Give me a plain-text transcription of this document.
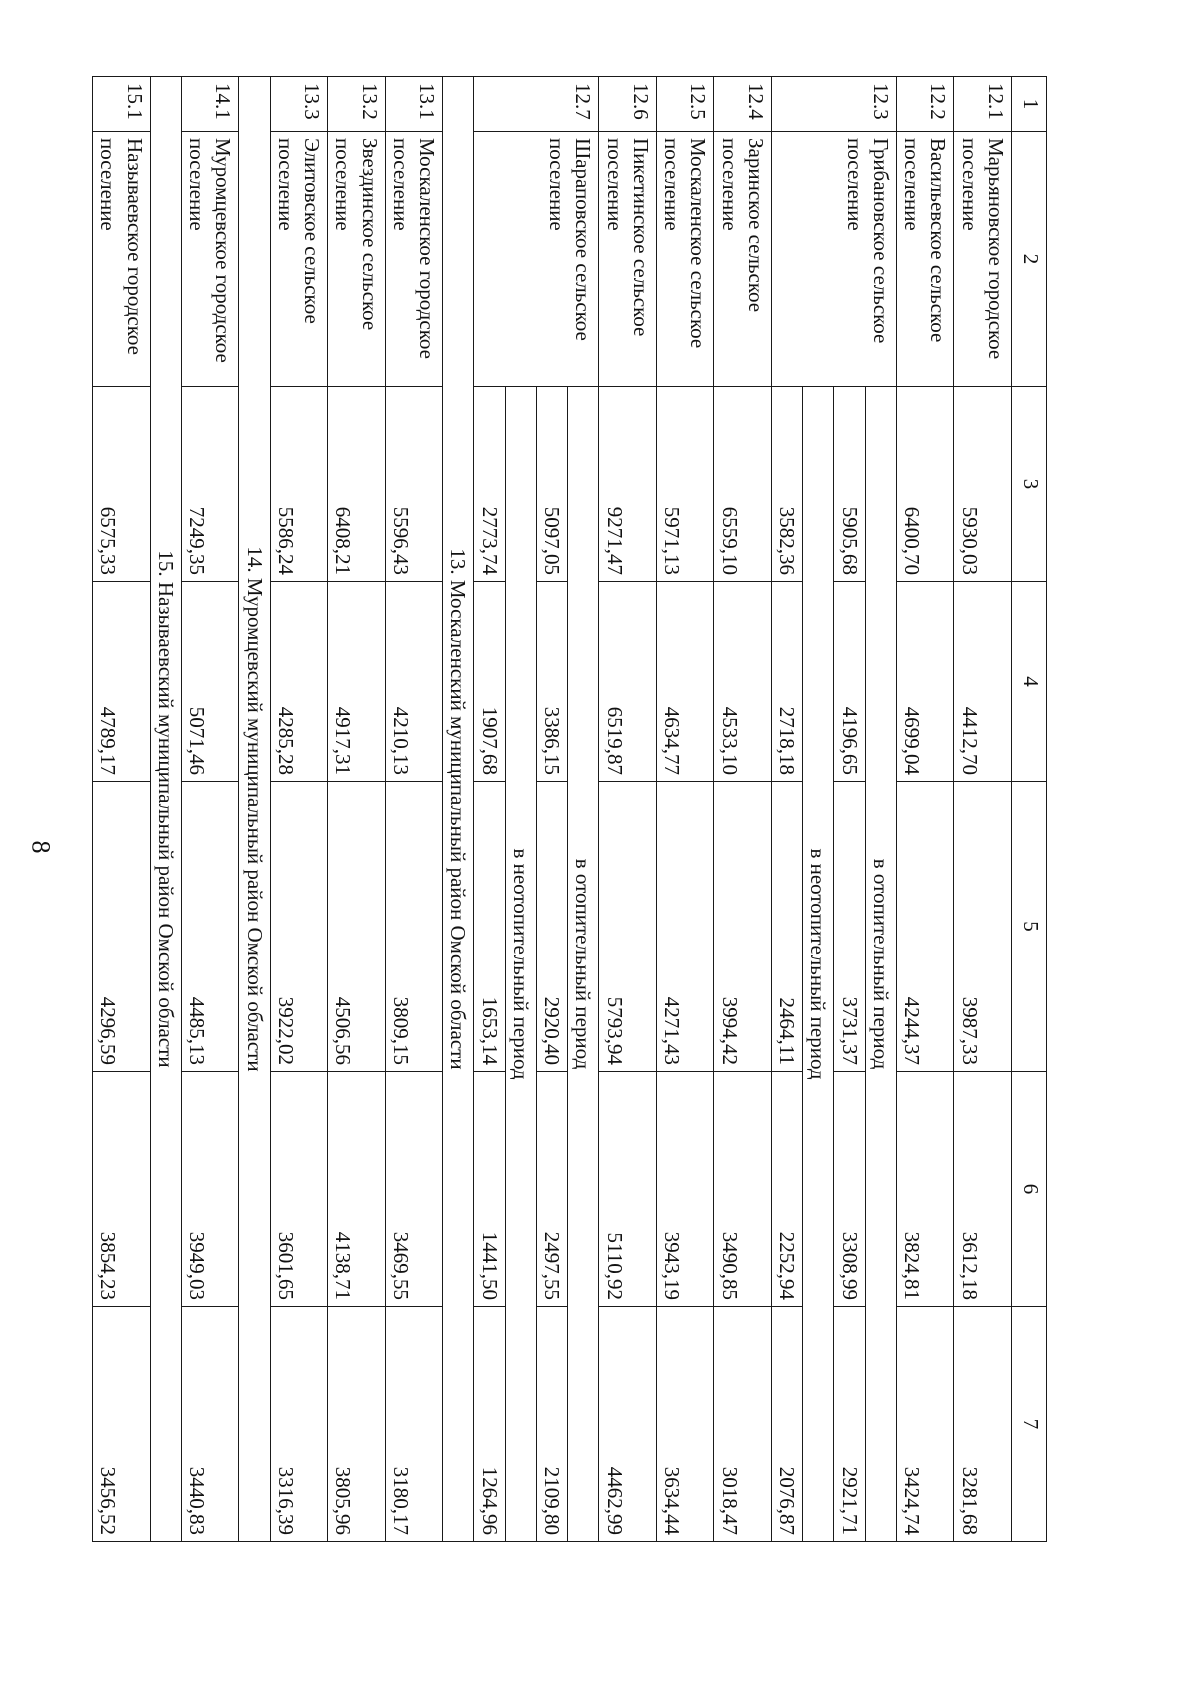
8
1	2	3	4	5	6	7
12.1	Марьяновское городское поселение	5930,03	4412,70	3987,33	3612,18	3281,68
12.2	Васильевское сельское поселение	6400,70	4699,04	4244,37	3824,81	3424,74
12.3	Грибановское сельское поселение	в отопительный период				
		5905,68	4196,65	3731,37	3308,99	2921,71
		в неотопительный период				
		3582,36	2718,18	2464,11	2252,94	2076,87
12.4	Заринское сельское поселение	6559,10	4533,10	3994,42	3490,85	3018,47
12.5	Москаленское сельское поселение	5971,13	4634,77	4271,43	3943,19	3634,44
12.6	Пикетинское сельское поселение	9271,47	6519,87	5793,94	5110,92	4462,99
12.7	Шараповское сельское поселение	в отопительный период				
		5097,05	3386,15	2920,40	2497,55	2109,80
		в неотопительный период				
		2773,74	1907,68	1653,14	1441,50	1264,96
13. Москаленский муниципальный район Омской области						
13.1	Москаленское городское поселение	5596,43	4210,13	3809,15	3469,55	3180,17
13.2	Звездинское сельское поселение	6408,21	4917,31	4506,56	4138,71	3805,96
13.3	Элитовское сельское поселение	5586,24	4285,28	3922,02	3601,65	3316,39
14. Муромцевский муниципальный район Омской области						
14.1	Муромцевское городское поселение	7249,35	5071,46	4485,13	3949,03	3440,83
15. Называевский муниципальный район Омской области						
15.1	Называевское городское поселение	6575,33	4789,17	4296,59	3854,23	3456,52
